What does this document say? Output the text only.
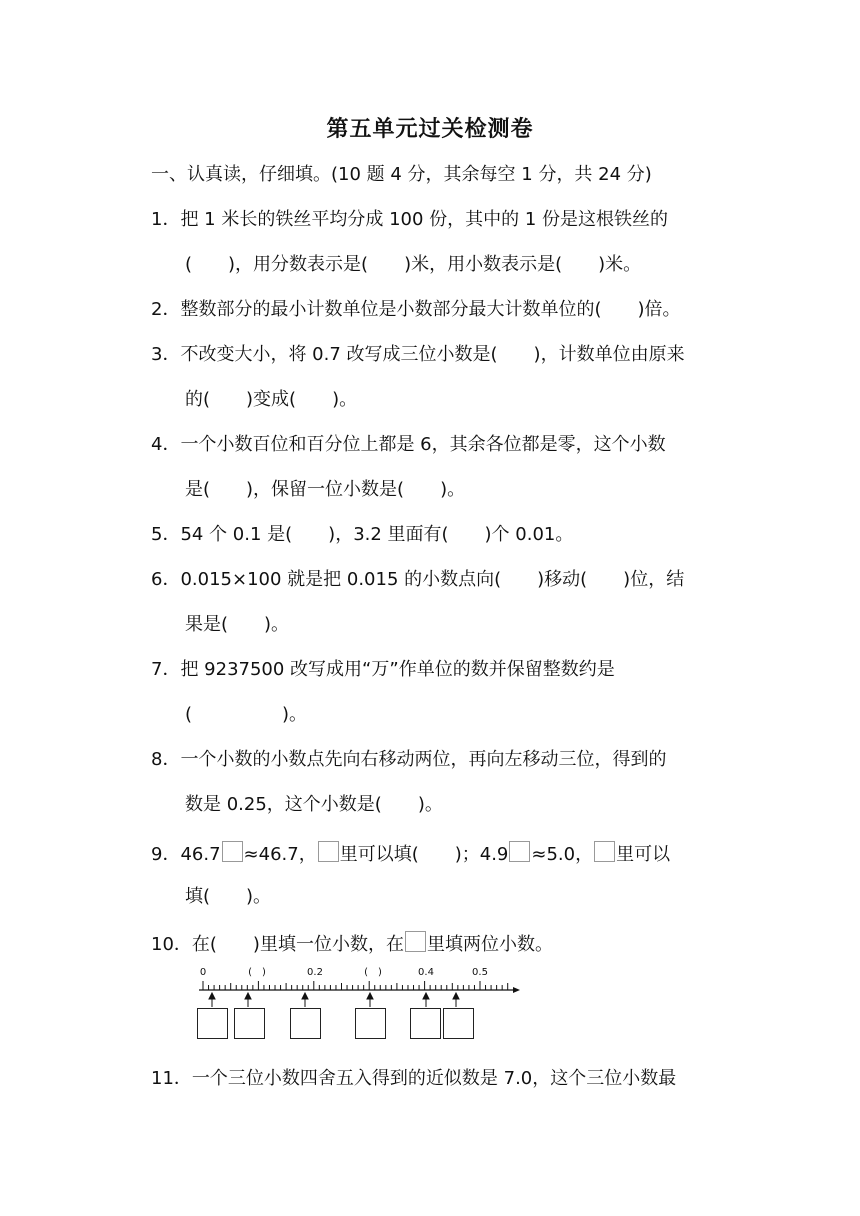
第五单元过关检测卷
一、认真读，仔细填。(10 题 4 分，其余每空 1 分，共 24 分)
1．把 1 米长的铁丝平均分成 100 份，其中的 1 份是这根铁丝的
(　　)，用分数表示是(　　)米，用小数表示是(　　)米。
2．整数部分的最小计数单位是小数部分最大计数单位的(　　)倍。
3．不改变大小，将 0.7 改写成三位小数是(　　)，计数单位由原来
的(　　)变成(　　)。
4．一个小数百位和百分位上都是 6，其余各位都是零，这个小数
是(　　)，保留一位小数是(　　)。
5．54 个 0.1 是(　　)，3.2 里面有(　　)个 0.01。
6．0.015×100 就是把 0.015 的小数点向(　　)移动(　　)位，结
果是(　　)。
7．把 9237500 改写成用“万”作单位的数并保留整数约是
(　　　　　)。
8．一个小数的小数点先向右移动两位，再向左移动三位，得到的
数是 0.25，这个小数是(　　)。
9．46.7 ≈46.7， 里可以填(　　)；4.9 ≈5.0， 里可以
填(　　)。
10．在(　　)里填一位小数，在 里填两位小数。
0	(　)	0.2	(　)	0.4	0.5
11．一个三位小数四舍五入得到的近似数是 7.0，这个三位小数最
